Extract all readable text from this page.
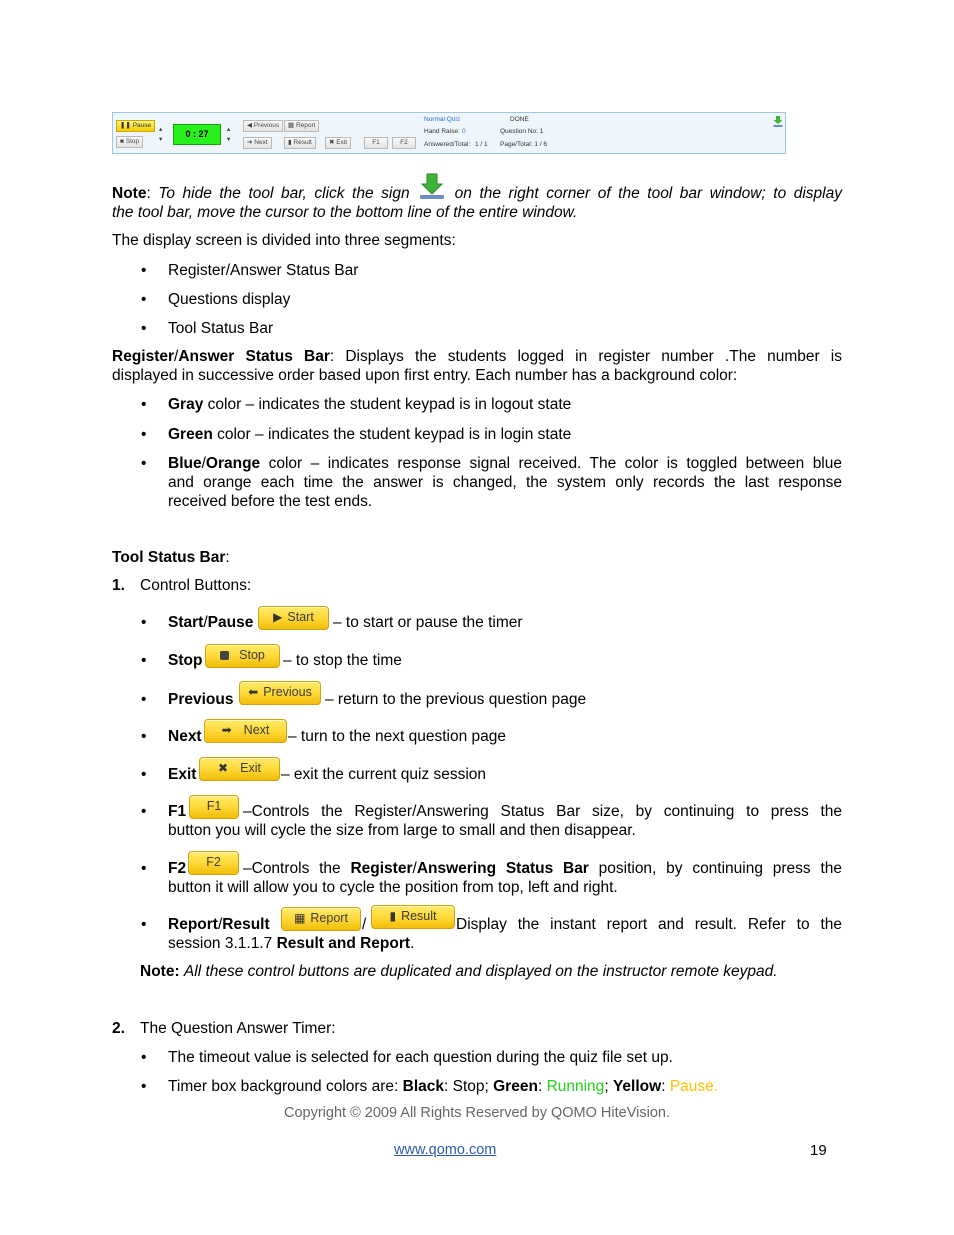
❚❚ Pause
■ Stop
▴
▾
0 : 27	▴
▾
◀ Previous	▦ Report
➜ Next	▮ Result	✖ Exit	F1	F2
Normal Quiz	DONE
Hand Raise: 0	Question No: 1
Answered/Total: 1 / 1 Page/Total: 1 / 6
Note: To hide the tool bar, click the sign	on the right corner of the tool bar window; to display
the tool bar, move the cursor to the bottom line of the entire window.
The display screen is divided into three segments:
• Register/Answer Status Bar
• Questions display
• Tool Status Bar
Register/Answer Status Bar: Displays the students logged in register number .The number is
displayed in successive order based upon first entry. Each number has a background color:
• Gray color – indicates the student keypad is in logout state
• Green color – indicates the student keypad is in login state
• Blue/Orange color – indicates response signal received. The color is toggled between blue
and orange each time the answer is changed, the system only records the last response
received before the test ends.
Tool Status Bar:
1. Control Buttons:
• Start/Pause	▶ Start	– to start or pause the timer
• Stop	Stop	– to stop the time
• Previous	⬅ Previous – return to the previous question page
• Next	➡ Next	– turn to the next question page
• Exit	✖ Exit	– exit the current quiz session
• F1	F1	–Controls the Register/Answering Status Bar size, by continuing to press the
button you will cycle the size from large to small and then disappear.
• F2	F2	–Controls the Register/Answering Status Bar position, by continuing press the
button it will allow you to cycle the position from top, left and right.
• Report/Result	▦ Report /	▮ Result	Display the instant report and result. Refer to the
session 3.1.1.7 Result and Report.
Note: All these control buttons are duplicated and displayed on the instructor remote keypad.
2. The Question Answer Timer:
• The timeout value is selected for each question during the quiz file set up.
• Timer box background colors are: Black: Stop; Green: Running; Yellow: Pause.
Copyright © 2009 All Rights Reserved by QOMO HiteVision.
www.qomo.com	19
